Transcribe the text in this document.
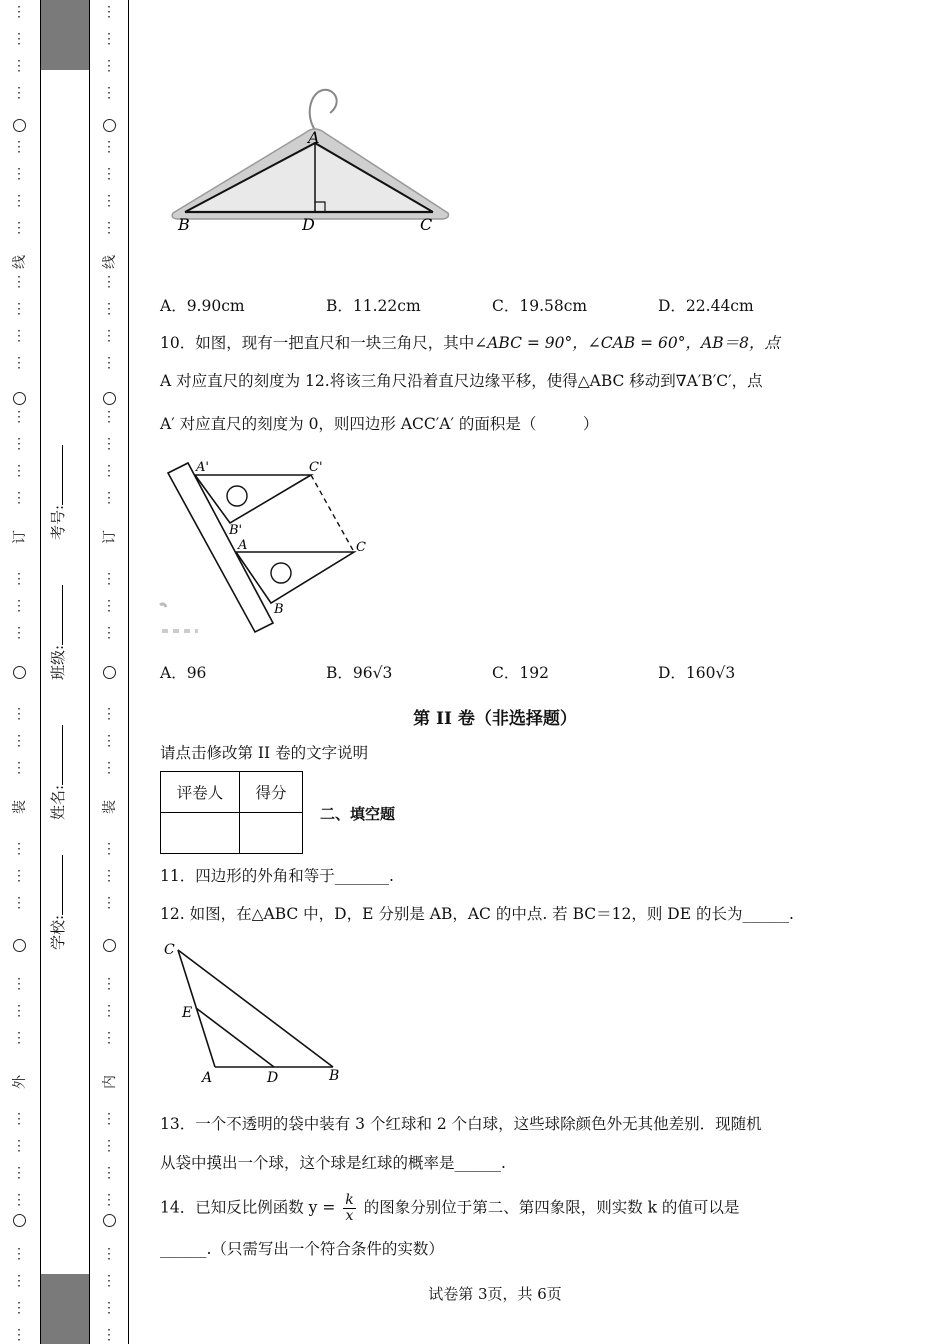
⋮
⋮
⋮
⋮
⋮
⋮
⋮
⋮
⋮
⋮
⋮
⋮
⋮
⋮
⋮
⋮
⋮
⋮
⋮
⋮
⋮
⋮
⋮
⋮
⋮
⋮
⋮
⋮
⋮
⋮
⋮
⋮
⋮
⋮
⋮
⋮
线
订
装
外
学校:
姓名:
班级:
考号:
⋮
⋮
⋮
⋮
⋮
⋮
⋮
⋮
⋮
⋮
⋮
⋮
⋮
⋮
⋮
⋮
⋮
⋮
⋮
⋮
⋮
⋮
⋮
⋮
⋮
⋮
⋮
⋮
⋮
⋮
⋮
⋮
⋮
⋮
⋮
⋮
线
订
装
内
A
B	D	C
A．9.90cm	B．11.22cm	C．19.58cm	D．22.44cm
10．如图，现有一把直尺和一块三角尺，其中∠ABC = 90°，∠CAB = 60°，AB＝8，点
A 对应直尺的刻度为 12.将该三角尺沿着直尺边缘平移，使得△ABC 移动到∇A′B′C′，点
A′ 对应直尺的刻度为 0，则四边形 ACC′A′ 的面积是（　　　）
A'	C'
B'
A	C
B
A．96	B．96√3	C．192	D．160√3
第 II 卷（非选择题）
请点击修改第 II 卷的文字说明
评卷人	得分

二、填空题
11．四边形的外角和等于_______.
12. 如图，在△ABC 中，D，E 分别是 AB，AC 的中点. 若 BC＝12，则 DE 的长为______.
C
E
A	D	B
13．一个不透明的袋中装有 3 个红球和 2 个白球，这些球除颜色外无其他差别．现随机
从袋中摸出一个球，这个球是红球的概率是______.
14．已知反比例函数 $y = \frac{k}{x}$ 的图象分别位于第二、第四象限，则实数 k 的值可以是
______.（只需写出一个符合条件的实数）
试卷第 3页，共 6页
